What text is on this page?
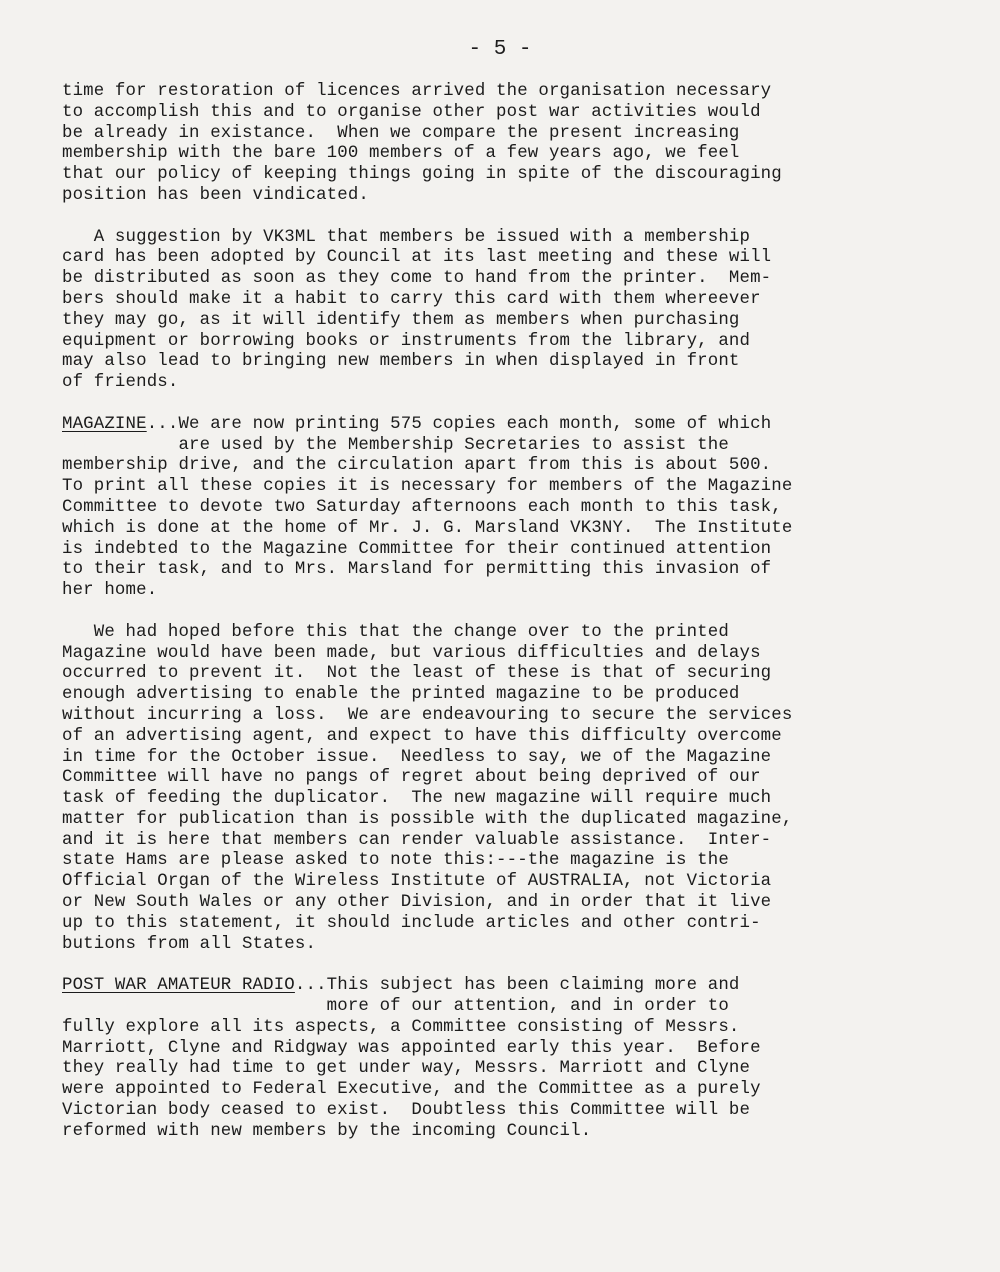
- 5 -
time for restoration of licences arrived the organisation necessary
to accomplish this and to organise other post war activities would
be already in existance.  When we compare the present increasing
membership with the bare 100 members of a few years ago, we feel
that our policy of keeping things going in spite of the discouraging
position has been vindicated.
A suggestion by VK3ML that members be issued with a membership
card has been adopted by Council at its last meeting and these will
be distributed as soon as they come to hand from the printer.  Mem-
bers should make it a habit to carry this card with them whereever
they may go, as it will identify them as members when purchasing
equipment or borrowing books or instruments from the library, and
may also lead to bringing new members in when displayed in front
of friends.
MAGAZINE...We are now printing 575 copies each month, some of which
are used by the Membership Secretaries to assist the
membership drive, and the circulation apart from this is about 500.
To print all these copies it is necessary for members of the Magazine
Committee to devote two Saturday afternoons each month to this task,
which is done at the home of Mr. J. G. Marsland VK3NY.  The Institute
is indebted to the Magazine Committee for their continued attention
to their task, and to Mrs. Marsland for permitting this invasion of
her home.
We had hoped before this that the change over to the printed
Magazine would have been made, but various difficulties and delays
occurred to prevent it.  Not the least of these is that of securing
enough advertising to enable the printed magazine to be produced
without incurring a loss.  We are endeavouring to secure the services
of an advertising agent, and expect to have this difficulty overcome
in time for the October issue.  Needless to say, we of the Magazine
Committee will have no pangs of regret about being deprived of our
task of feeding the duplicator.  The new magazine will require much
matter for publication than is possible with the duplicated magazine,
and it is here that members can render valuable assistance.  Inter-
state Hams are please asked to note this:---the magazine is the
Official Organ of the Wireless Institute of AUSTRALIA, not Victoria
or New South Wales or any other Division, and in order that it live
up to this statement, it should include articles and other contri-
butions from all States.
POST WAR AMATEUR RADIO...This subject has been claiming more and
more of our attention, and in order to
fully explore all its aspects, a Committee consisting of Messrs.
Marriott, Clyne and Ridgway was appointed early this year.  Before
they really had time to get under way, Messrs. Marriott and Clyne
were appointed to Federal Executive, and the Committee as a purely
Victorian body ceased to exist.  Doubtless this Committee will be
reformed with new members by the incoming Council.
